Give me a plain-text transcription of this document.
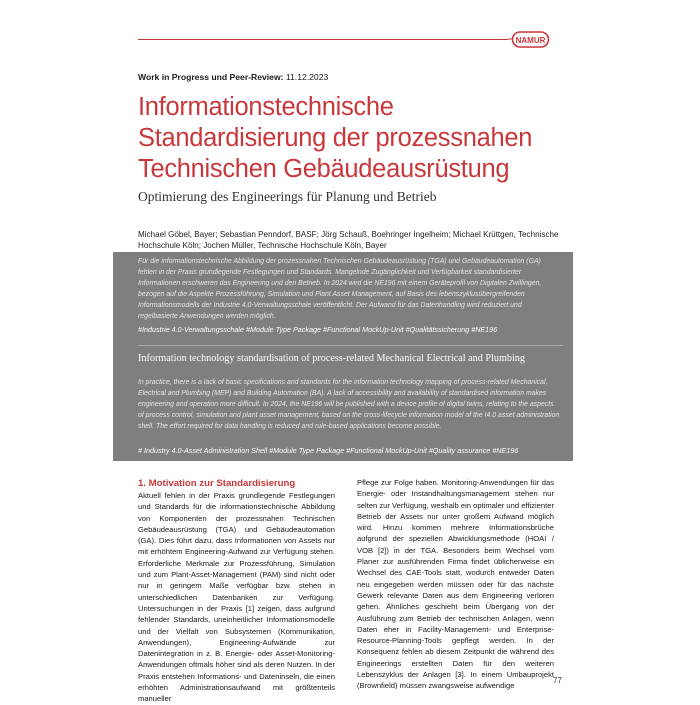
NAMUR
Work in Progress und Peer-Review: 11.12.2023
Informationstechnische
Standardisierung der prozessnahen
Technischen Gebäudeausrüstung
Optimierung des Engineerings für Planung und Betrieb
Michael Göbel, Bayer; Sebastian Penndorf, BASF; Jörg Schauß, Boehringer Ingelheim; Michael Krüttgen, Technische Hochschule Köln; Jochen Müller, Technische Hochschule Köln, Bayer
Für die informationstechnische Abbildung der prozessnahen Technischen Gebäudeausrüstung (TGA) und Gebäudeautomation (GA) fehlen in der Praxis grundlegende Festlegungen und Standards. Mangelnde Zugänglichkeit und Verfügbarkeit standardisierter Informationen erschweren das Engineering und den Betrieb. In 2024 wird die NE196 mit einem Geräteprofil von Digitalen Zwillingen, bezogen auf die Aspekte Prozessführung, Simulation und Plant Asset Management, auf Basis des lebenszyklusübergreifenden Informationsmodells der Industrie 4.0-Verwaltungsschale veröffentlicht. Der Aufwand für das Datenhandling wird reduziert und regelbasierte Anwendungen werden möglich.
#Industrie 4.0-Verwaltungsschale #Module Type Package #Functional MockUp-Unit #Qualitätssicherung #NE196
Information technology standardisation of process-related Mechanical Electrical and Plumbing
In practice, there is a lack of basic specifications and standards for the information technology mapping of process-related Mechanical, Electrical and Plumbing (MEP) and Building Automation (BA). A lack of accessibility and availability of standardised information makes engineering and operation more difficult. In 2024, the NE196 will be published with a device profile of digital twins, relating to the aspects of process control, simulation and plant asset management, based on the cross-lifecycle information model of the I4.0 asset administration shell. The effort required for data handling is reduced and rule-based applications become possible.
# Industry 4.0-Asset Administration Shell #Module Type Package #Functional MockUp-Unit #Quality assurance #NE196
1. Motivation zur Standardisierung
Aktuell fehlen in der Praxis grundlegende Festlegungen und Standards für die informationstechnische Abbildung von Komponenten der prozessnahen Technischen Gebäudeausrüstung (TGA) und Gebäudeautomation (GA). Dies führt dazu, dass Informationen von Assets nur mit erhöhtem Engineering-Aufwand zur Verfügung stehen. Erforderliche Merkmale zur Prozessführung, Simulation und zum Plant-Asset-Management (PAM) sind nicht oder nur in geringem Maße verfügbar bzw. stehen in unterschiedlichen Datenbanken zur Verfügung. Untersuchungen in der Praxis [1] zeigen, dass aufgrund fehlender Standards, uneinheitlicher Informationsmodelle und der Vielfalt von Subsystemen (Kommunikation, Anwendungen), Engineering-Aufwände zur Datenintegration in z. B. Energie- oder Asset-Monitoring-Anwendungen oftmals höher sind als deren Nutzen. In der Praxis entstehen Informations- und Dateninseln, die einen erhöhten Administrationsaufwand mit größtenteils manueller
Pflege zur Folge haben. Monitoring-Anwendungen für das Energie- oder Instandhaltungsmanagement stehen nur selten zur Verfügung, weshalb ein optimaler und effizienter Betrieb der Assets nur unter großem Aufwand möglich wird. Hinzu kommen mehrere Informationsbrüche aufgrund der speziellen Abwicklungsmethode (HOAI / VOB [2]) in der TGA. Besonders beim Wechsel vom Planer zur ausführenden Firma findet üblicherweise ein Wechsel des CAE-Tools statt, wodurch entweder Daten neu eingegeben werden müssen oder für das nächste Gewerk relevante Daten aus dem Engineering verloren gehen. Ähnliches geschieht beim Übergang von der Ausführung zum Betrieb der technischen Anlagen, wenn Daten eher in Facility-Management- und Enterprise-Resource-Planning-Tools gepflegt werden. In der Konsequenz fehlen ab diesem Zeitpunkt die während des Engineerings erstellten Daten für den weiteren Lebenszyklus der Anlagen [3]. In einem Umbauprojekt (Brownfield) müssen zwangsweise aufwendige
77
